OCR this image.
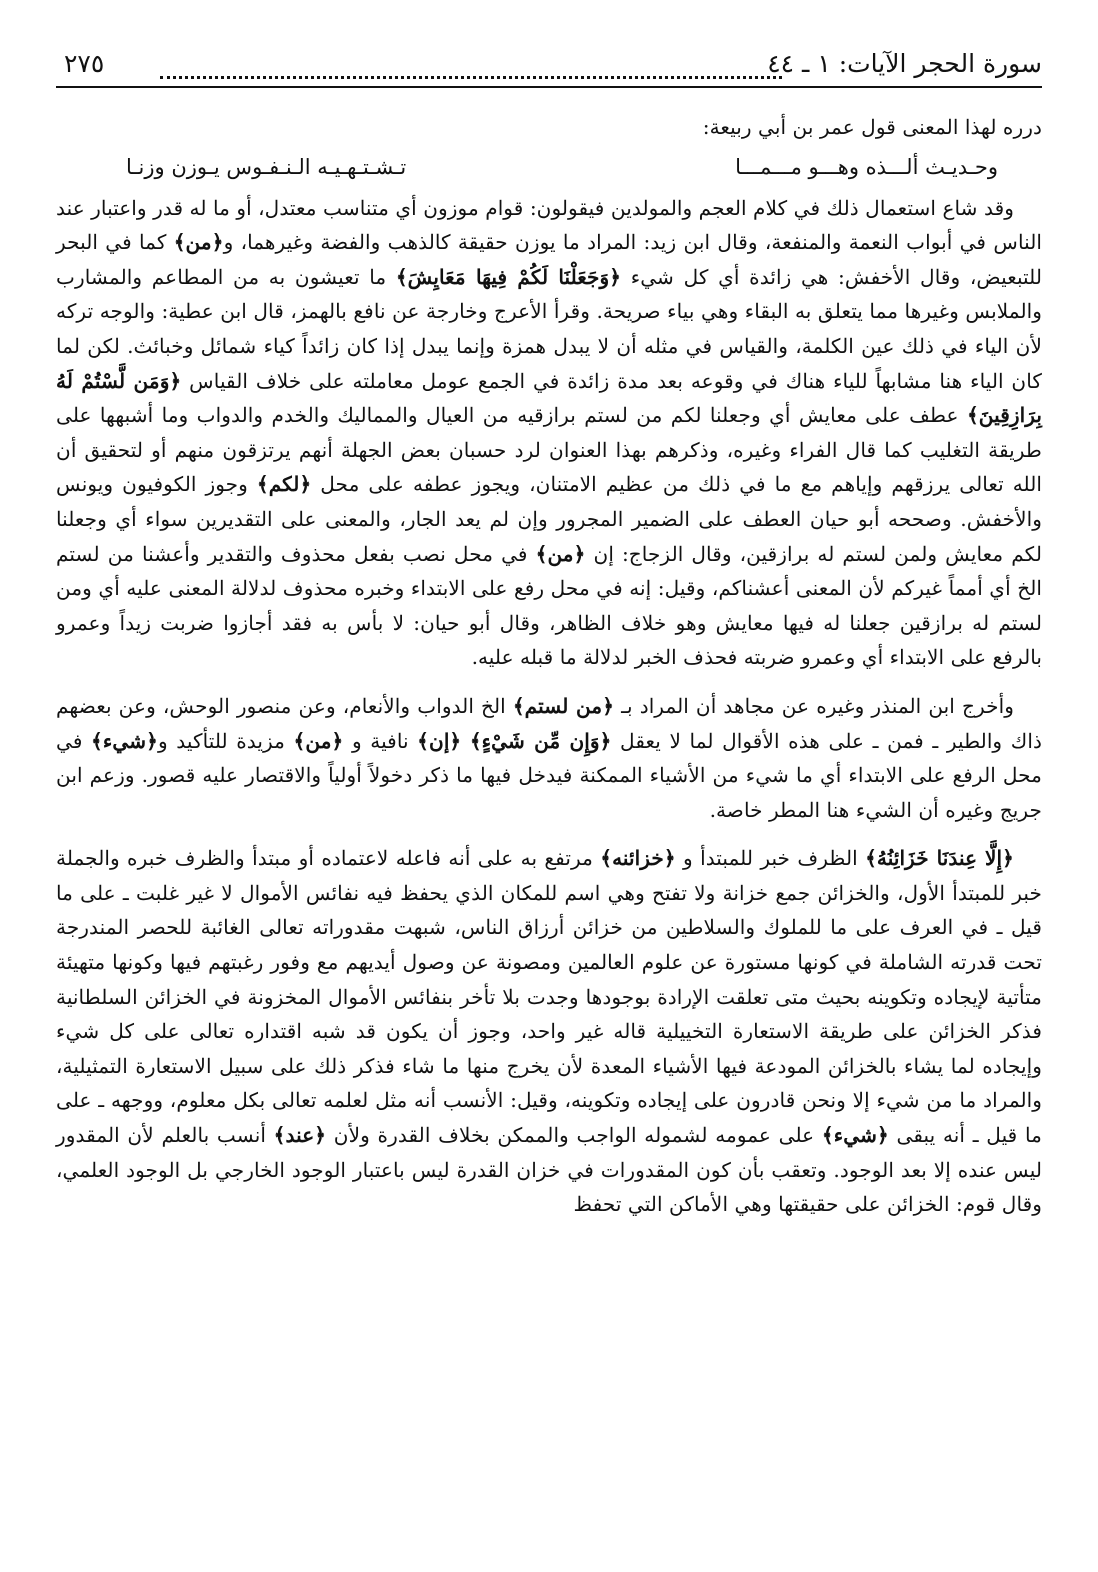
سورة الحجر الآيات: ١ ـ ٤٤
٢٧٥

درره لهذا المعنى قول عمر بن أبي ربيعة:

وحـديـث ألـــذه وهـــو مـــمـــا
تـشـتـهـيـه الـنـفـوس يـوزن وزنـا

وقد شاع استعمال ذلك في كلام العجم والمولدين فيقولون: قوام موزون أي متناسب معتدل، أو ما له قدر واعتبار عند الناس في أبواب النعمة والمنفعة، وقال ابن زيد: المراد ما يوزن حقيقة كالذهب والفضة وغيرهما، و﴿من﴾ كما في البحر للتبعيض، وقال الأخفش: هي زائدة أي كل شيء ﴿وَجَعَلْنَا لَكُمْ فِيهَا مَعَايِشَ﴾ ما تعيشون به من المطاعم والمشارب والملابس وغيرها مما يتعلق به البقاء وهي بياء صريحة. وقرأ الأعرج وخارجة عن نافع بالهمز، قال ابن عطية: والوجه تركه لأن الياء في ذلك عين الكلمة، والقياس في مثله أن لا يبدل همزة وإنما يبدل إذا كان زائداً كياء شمائل وخبائث. لكن لما كان الياء هنا مشابهاً للياء هناك في وقوعه بعد مدة زائدة في الجمع عومل معاملته على خلاف القياس ﴿وَمَن لَّسْتُمْ لَهُ بِرَازِقِينَ﴾ عطف على معايش أي وجعلنا لكم من لستم برازقيه من العيال والمماليك والخدم والدواب وما أشبهها على طريقة التغليب كما قال الفراء وغيره، وذكرهم بهذا العنوان لرد حسبان بعض الجهلة أنهم يرتزقون منهم أو لتحقيق أن الله تعالى يرزقهم وإياهم مع ما في ذلك من عظيم الامتنان، ويجوز عطفه على محل ﴿لكم﴾ وجوز الكوفيون ويونس والأخفش. وصححه أبو حيان العطف على الضمير المجرور وإن لم يعد الجار، والمعنى على التقديرين سواء أي وجعلنا لكم معايش ولمن لستم له برازقين، وقال الزجاج: إن ﴿من﴾ في محل نصب بفعل محذوف والتقدير وأعشنا من لستم الخ أي أمماً غيركم لأن المعنى أعشناكم، وقيل: إنه في محل رفع على الابتداء وخبره محذوف لدلالة المعنى عليه أي ومن لستم له برازقين جعلنا له فيها معايش وهو خلاف الظاهر، وقال أبو حيان: لا بأس به فقد أجازوا ضربت زيداً وعمرو بالرفع على الابتداء أي وعمرو ضربته فحذف الخبر لدلالة ما قبله عليه.

وأخرج ابن المنذر وغيره عن مجاهد أن المراد بـ ﴿من لستم﴾ الخ الدواب والأنعام، وعن منصور الوحش، وعن بعضهم ذاك والطير ـ فمن ـ على هذه الأقوال لما لا يعقل ﴿وَإِن مِّن شَيْءٍ﴾ ﴿إن﴾ نافية و ﴿من﴾ مزيدة للتأكيد و﴿شيء﴾ في محل الرفع على الابتداء أي ما شيء من الأشياء الممكنة فيدخل فيها ما ذكر دخولاً أولياً والاقتصار عليه قصور. وزعم ابن جريج وغيره أن الشيء هنا المطر خاصة.

﴿إِلَّا عِندَنَا خَزَائِنُهُ﴾ الظرف خبر للمبتدأ و ﴿خزائنه﴾ مرتفع به على أنه فاعله لاعتماده أو مبتدأ والظرف خبره والجملة خبر للمبتدأ الأول، والخزائن جمع خزانة ولا تفتح وهي اسم للمكان الذي يحفظ فيه نفائس الأموال لا غير غلبت ـ على ما قيل ـ في العرف على ما للملوك والسلاطين من خزائن أرزاق الناس، شبهت مقدوراته تعالى الغائبة للحصر المندرجة تحت قدرته الشاملة في كونها مستورة عن علوم العالمين ومصونة عن وصول أيديهم مع وفور رغبتهم فيها وكونها متهيئة متأتية لإيجاده وتكوينه بحيث متى تعلقت الإرادة بوجودها وجدت بلا تأخر بنفائس الأموال المخزونة في الخزائن السلطانية فذكر الخزائن على طريقة الاستعارة التخييلية قاله غير واحد، وجوز أن يكون قد شبه اقتداره تعالى على كل شيء وإيجاده لما يشاء بالخزائن المودعة فيها الأشياء المعدة لأن يخرج منها ما شاء فذكر ذلك على سبيل الاستعارة التمثيلية، والمراد ما من شيء إلا ونحن قادرون على إيجاده وتكوينه، وقيل: الأنسب أنه مثل لعلمه تعالى بكل معلوم، ووجهه ـ على ما قيل ـ أنه يبقى ﴿شيء﴾ على عمومه لشموله الواجب والممكن بخلاف القدرة ولأن ﴿عند﴾ أنسب بالعلم لأن المقدور ليس عنده إلا بعد الوجود. وتعقب بأن كون المقدورات في خزان القدرة ليس باعتبار الوجود الخارجي بل الوجود العلمي، وقال قوم: الخزائن على حقيقتها وهي الأماكن التي تحفظ
